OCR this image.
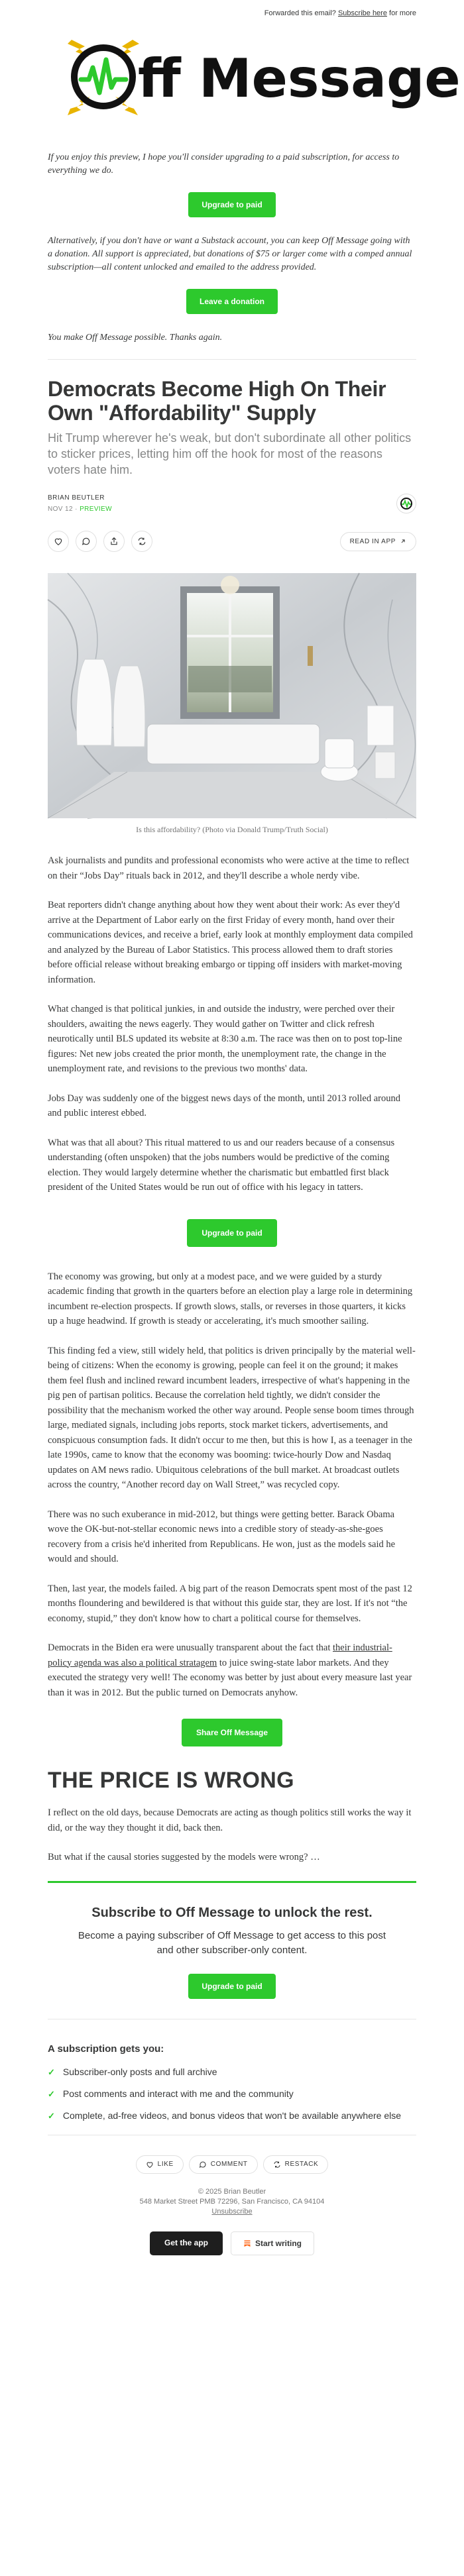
Forwarded this email? Subscribe here for more
ff Message

If you enjoy this preview, I hope you'll consider upgrading to a paid subscription, for access to everything we do.

Upgrade to paid

Alternatively, if you don't have or want a Substack account, you can keep Off Message going with a donation. All support is appreciated, but donations of $75 or larger come with a comped annual subscription—all content unlocked and emailed to the address provided.

Leave a donation

You make Off Message possible. Thanks again.

Democrats Become High On Their Own "Affordability" Supply

Hit Trump wherever he's weak, but don't subordinate all other politics to sticker prices, letting him off the hook for most of the reasons voters hate him.

BRIAN BEUTLER
NOV 12 · PREVIEW
READ IN APP

Is this affordability? (Photo via Donald Trump/Truth Social)

Ask journalists and pundits and professional economists who were active at the time to reflect on their “Jobs Day” rituals back in 2012, and they'll describe a whole nerdy vibe.

Beat reporters didn't change anything about how they went about their work: As ever they'd arrive at the Department of Labor early on the first Friday of every month, hand over their communications devices, and receive a brief, early look at monthly employment data compiled and analyzed by the Bureau of Labor Statistics. This process allowed them to draft stories before official release without breaking embargo or tipping off insiders with market-moving information.

What changed is that political junkies, in and outside the industry, were perched over their shoulders, awaiting the news eagerly. They would gather on Twitter and click refresh neurotically until BLS updated its website at 8:30 a.m. The race was then on to post top-line figures: Net new jobs created the prior month, the unemployment rate, the change in the unemployment rate, and revisions to the previous two months' data.

Jobs Day was suddenly one of the biggest news days of the month, until 2013 rolled around and public interest ebbed.

What was that all about? This ritual mattered to us and our readers because of a consensus understanding (often unspoken) that the jobs numbers would be predictive of the coming election. They would largely determine whether the charismatic but embattled first black president of the United States would be run out of office with his legacy in tatters.

Upgrade to paid

The economy was growing, but only at a modest pace, and we were guided by a sturdy academic finding that growth in the quarters before an election play a large role in determining incumbent re-election prospects. If growth slows, stalls, or reverses in those quarters, it kicks up a huge headwind. If growth is steady or accelerating, it's much smoother sailing.

This finding fed a view, still widely held, that politics is driven principally by the material well-being of citizens: When the economy is growing, people can feel it on the ground; it makes them feel flush and inclined reward incumbent leaders, irrespective of what's happening in the pig pen of partisan politics. Because the correlation held tightly, we didn't consider the possibility that the mechanism worked the other way around. People sense boom times through large, mediated signals, including jobs reports, stock market tickers, advertisements, and conspicuous consumption fads. It didn't occur to me then, but this is how I, as a teenager in the late 1990s, came to know that the economy was booming: twice-hourly Dow and Nasdaq updates on AM news radio. Ubiquitous celebrations of the bull market. At broadcast outlets across the country, “Another record day on Wall Street,” was recycled copy.

There was no such exuberance in mid-2012, but things were getting better. Barack Obama wove the OK-but-not-stellar economic news into a credible story of steady-as-she-goes recovery from a crisis he'd inherited from Republicans. He won, just as the models said he would and should.

Then, last year, the models failed. A big part of the reason Democrats spent most of the past 12 months floundering and bewildered is that without this guide star, they are lost. If it's not “the economy, stupid,” they don't know how to chart a political course for themselves.

Democrats in the Biden era were unusually transparent about the fact that their industrial-policy agenda was also a political stratagem to juice swing-state labor markets. And they executed the strategy very well! The economy was better by just about every measure last year than it was in 2012. But the public turned on Democrats anyhow.

Share Off Message
THE PRICE IS WRONG

I reflect on the old days, because Democrats are acting as though politics still works the way it did, or the way they thought it did, back then.

But what if the causal stories suggested by the models were wrong? …

Subscribe to Off Message to unlock the rest.

Become a paying subscriber of Off Message to get access to this post and other subscriber-only content.

Upgrade to paid
A subscription gets you:
✓ Subscriber-only posts and full archive
✓ Post comments and interact with me and the community
✓ Complete, ad-free videos, and bonus videos that won't be available anywhere else
LIKE	COMMENT	RESTACK
© 2025 Brian Beutler
548 Market Street PMB 72296, San Francisco, CA 94104
Unsubscribe
Get the app	Start writing
